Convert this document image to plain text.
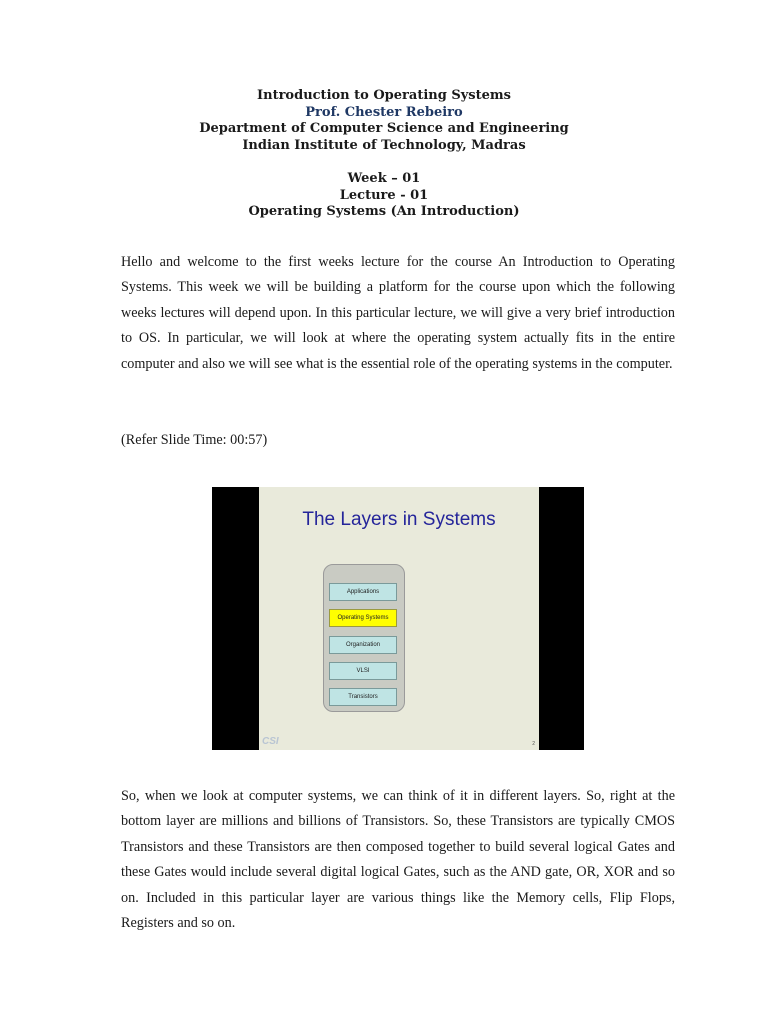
Introduction to Operating Systems
Prof. Chester Rebeiro
Department of Computer Science and Engineering
Indian Institute of Technology, Madras
Week – 01
Lecture - 01
Operating Systems (An Introduction)

Hello and welcome to the first weeks lecture for the course An Introduction to Operating Systems. This week we will be building a platform for the course upon which the following weeks lectures will depend upon. In this particular lecture, we will give a very brief introduction to OS. In particular, we will look at where the operating system actually fits in the entire computer and also we will see what is the essential role of the operating systems in the computer.

(Refer Slide Time: 00:57)

The Layers in Systems
Applications
Operating Systems
Organization
VLSI
Transistors
CSI	2

So, when we look at computer systems, we can think of it in different layers. So, right at the bottom layer are millions and billions of Transistors. So, these Transistors are typically CMOS Transistors and these Transistors are then composed together to build several logical Gates and these Gates would include several digital logical Gates, such as the AND gate, OR, XOR and so on. Included in this particular layer are various things like the Memory cells, Flip Flops, Registers and so on.
